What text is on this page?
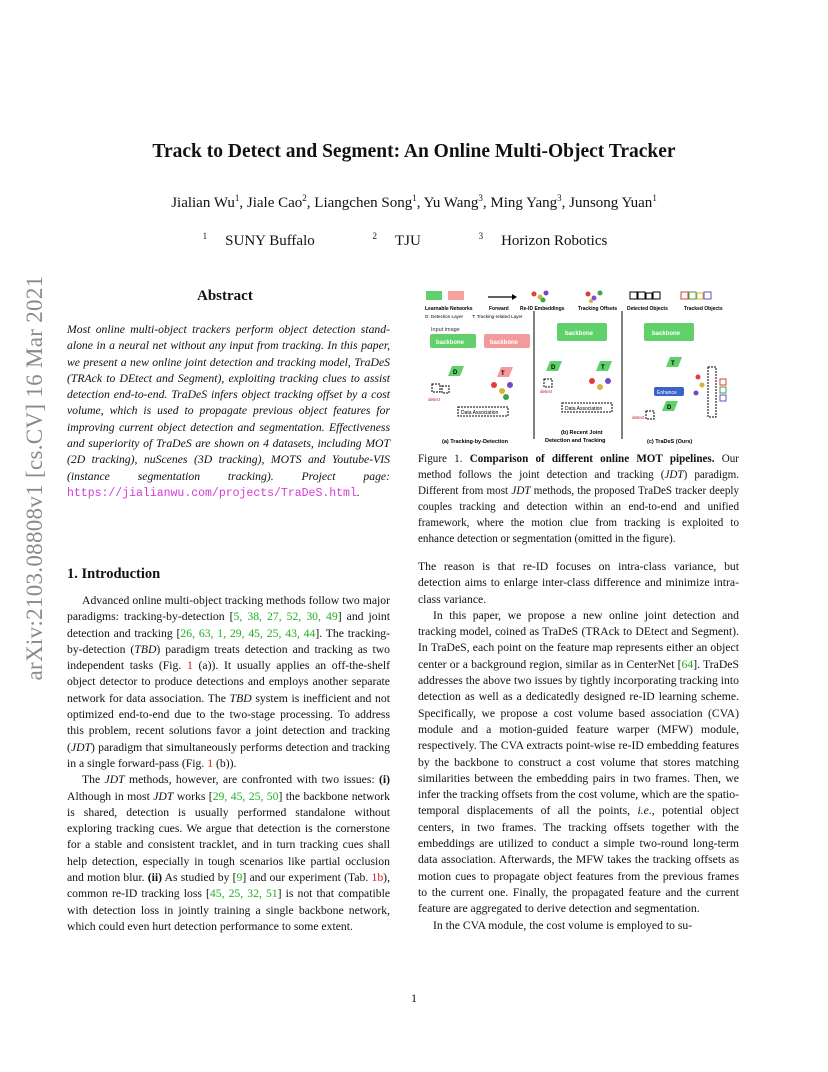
arXiv:2103.08808v1 [cs.CV] 16 Mar 2021
Track to Detect and Segment: An Online Multi-Object Tracker
Jialian Wu$^1$, Jiale Cao$^2$, Liangchen Song$^1$, Yu Wang$^3$, Ming Yang$^3$, Junsong Yuan$^1$
$^1$ SUNY Buffalo	$^2$ TJU	$^3$ Horizon Robotics
Abstract
Most online multi-object trackers perform object detection stand-alone in a neural net without any input from tracking. In this paper, we present a new online joint detection and tracking model, TraDeS (TRAck to DEtect and Segment), exploiting tracking clues to assist detection end-to-end. TraDeS infers object tracking offset by a cost volume, which is used to propagate previous object features for improving current object detection and segmentation. Effectiveness and superiority of TraDeS are shown on 4 datasets, including MOT (2D tracking), nuScenes (3D tracking), MOTS and Youtube-VIS (instance segmentation tracking). Project page: https://jialianwu.com/projects/TraDeS.html.
Learnable Networks	Forward Re-ID Embeddings	Tracking Offsets Detected Objects	Tracked Objects
D: Detection Layer T: Tracking-related Layer
Input image
backbone	backbone
D	T
detect
Data Association
(a) Tracking-by-Detection
backbone
D	T
detect
Data Association
(b) Recent Joint
Detection and Tracking
backbone
T
Enhance
D
detect
(c) TraDeS (Ours)
Figure 1. Comparison of different online MOT pipelines. Our method follows the joint detection and tracking (JDT) paradigm. Different from most JDT methods, the proposed TraDeS tracker deeply couples tracking and detection within an end-to-end and unified framework, where the motion clue from tracking is exploited to enhance detection or segmentation (omitted in the figure).
1. Introduction

Advanced online multi-object tracking methods follow two major paradigms: tracking-by-detection [5, 38, 27, 52, 30, 49] and joint detection and tracking [26, 63, 1, 29, 45, 25, 43, 44]. The tracking-by-detection (TBD) paradigm treats detection and tracking as two independent tasks (Fig. 1 (a)). It usually applies an off-the-shelf object detector to produce detections and employs another separate network for data association. The TBD system is inefficient and not optimized end-to-end due to the two-stage processing. To address this problem, recent solutions favor a joint detection and tracking (JDT) paradigm that simultaneously performs detection and tracking in a single forward-pass (Fig. 1 (b)).

The JDT methods, however, are confronted with two issues: (i) Although in most JDT works [29, 45, 25, 50] the backbone network is shared, detection is usually performed standalone without exploring tracking cues. We argue that detection is the cornerstone for a stable and consistent tracklet, and in turn tracking cues shall help detection, especially in tough scenarios like partial occlusion and motion blur. (ii) As studied by [9] and our experiment (Tab. 1b), common re-ID tracking loss [45, 25, 32, 51] is not that compatible with detection loss in jointly training a single backbone network, which could even hurt detection performance to some extent.

The reason is that re-ID focuses on intra-class variance, but detection aims to enlarge inter-class difference and minimize intra-class variance.

In this paper, we propose a new online joint detection and tracking model, coined as TraDeS (TRAck to DEtect and Segment). In TraDeS, each point on the feature map represents either an object center or a background region, similar as in CenterNet [64]. TraDeS addresses the above two issues by tightly incorporating tracking into detection as well as a dedicatedly designed re-ID learning scheme. Specifically, we propose a cost volume based association (CVA) module and a motion-guided feature warper (MFW) module, respectively. The CVA extracts point-wise re-ID embedding features by the backbone to construct a cost volume that stores matching similarities between the embedding pairs in two frames. Then, we infer the tracking offsets from the cost volume, which are the spatio-temporal displacements of all the points, i.e., potential object centers, in two frames. The tracking offsets together with the embeddings are utilized to conduct a simple two-round long-term data association. Afterwards, the MFW takes the tracking offsets as motion cues to propagate object features from the previous frames to the current one. Finally, the propagated feature and the current feature are aggregated to derive detection and segmentation.

In the CVA module, the cost volume is employed to su-

1
